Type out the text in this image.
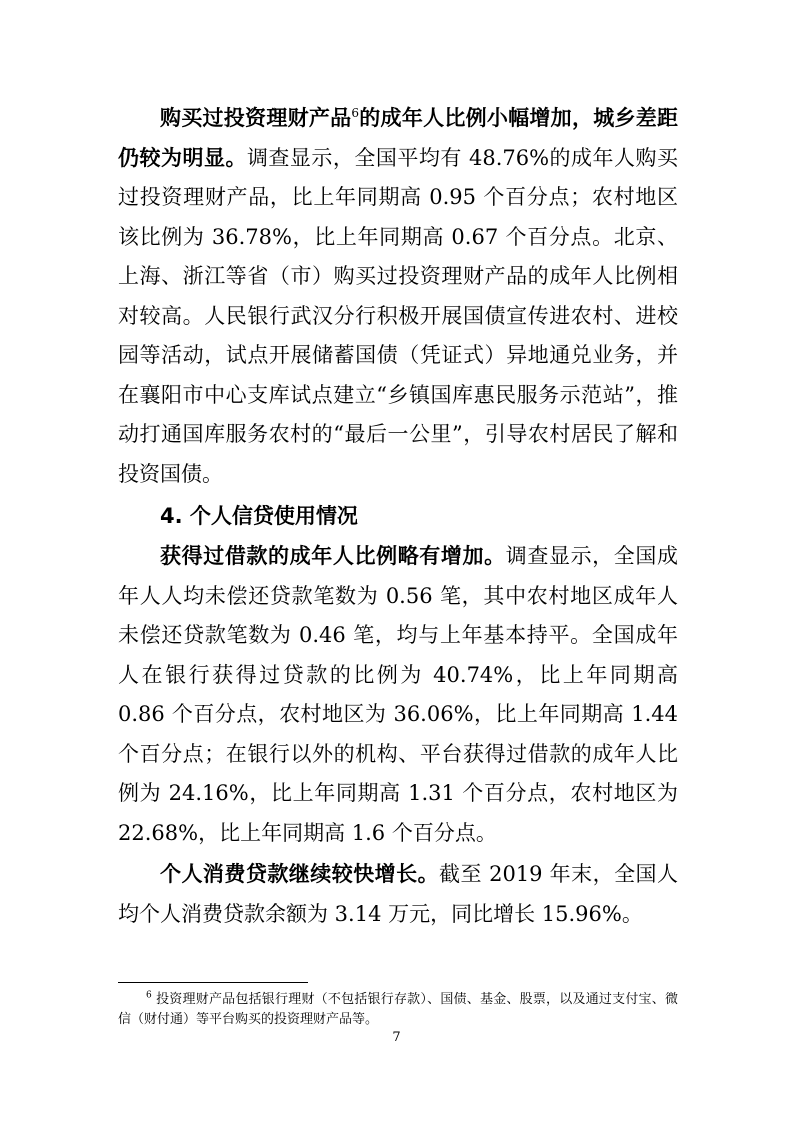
购买过投资理财产品$^6$的成年人比例小幅增加，城乡差距仍较为明显。调查显示，全国平均有 48.76%的成年人购买过投资理财产品，比上年同期高 0.95 个百分点；农村地区该比例为 36.78%，比上年同期高 0.67 个百分点。北京、上海、浙江等省（市）购买过投资理财产品的成年人比例相对较高。人民银行武汉分行积极开展国债宣传进农村、进校园等活动，试点开展储蓄国债（凭证式）异地通兑业务，并在襄阳市中心支库试点建立“乡镇国库惠民服务示范站”，推动打通国库服务农村的“最后一公里”，引导农村居民了解和投资国债。
4. 个人信贷使用情况
获得过借款的成年人比例略有增加。调查显示，全国成年人人均未偿还贷款笔数为 0.56 笔，其中农村地区成年人未偿还贷款笔数为 0.46 笔，均与上年基本持平。全国成年人在银行获得过贷款的比例为 40.74%，比上年同期高 0.86 个百分点，农村地区为 36.06%，比上年同期高 1.44 个百分点；在银行以外的机构、平台获得过借款的成年人比例为 24.16%，比上年同期高 1.31 个百分点，农村地区为 22.68%，比上年同期高 1.6 个百分点。
个人消费贷款继续较快增长。截至 2019 年末，全国人均个人消费贷款余额为 3.14 万元，同比增长 15.96%。
$^6$ 投资理财产品包括银行理财（不包括银行存款）、国债、基金、股票，以及通过支付宝、微信（财付通）等平台购买的投资理财产品等。
7
